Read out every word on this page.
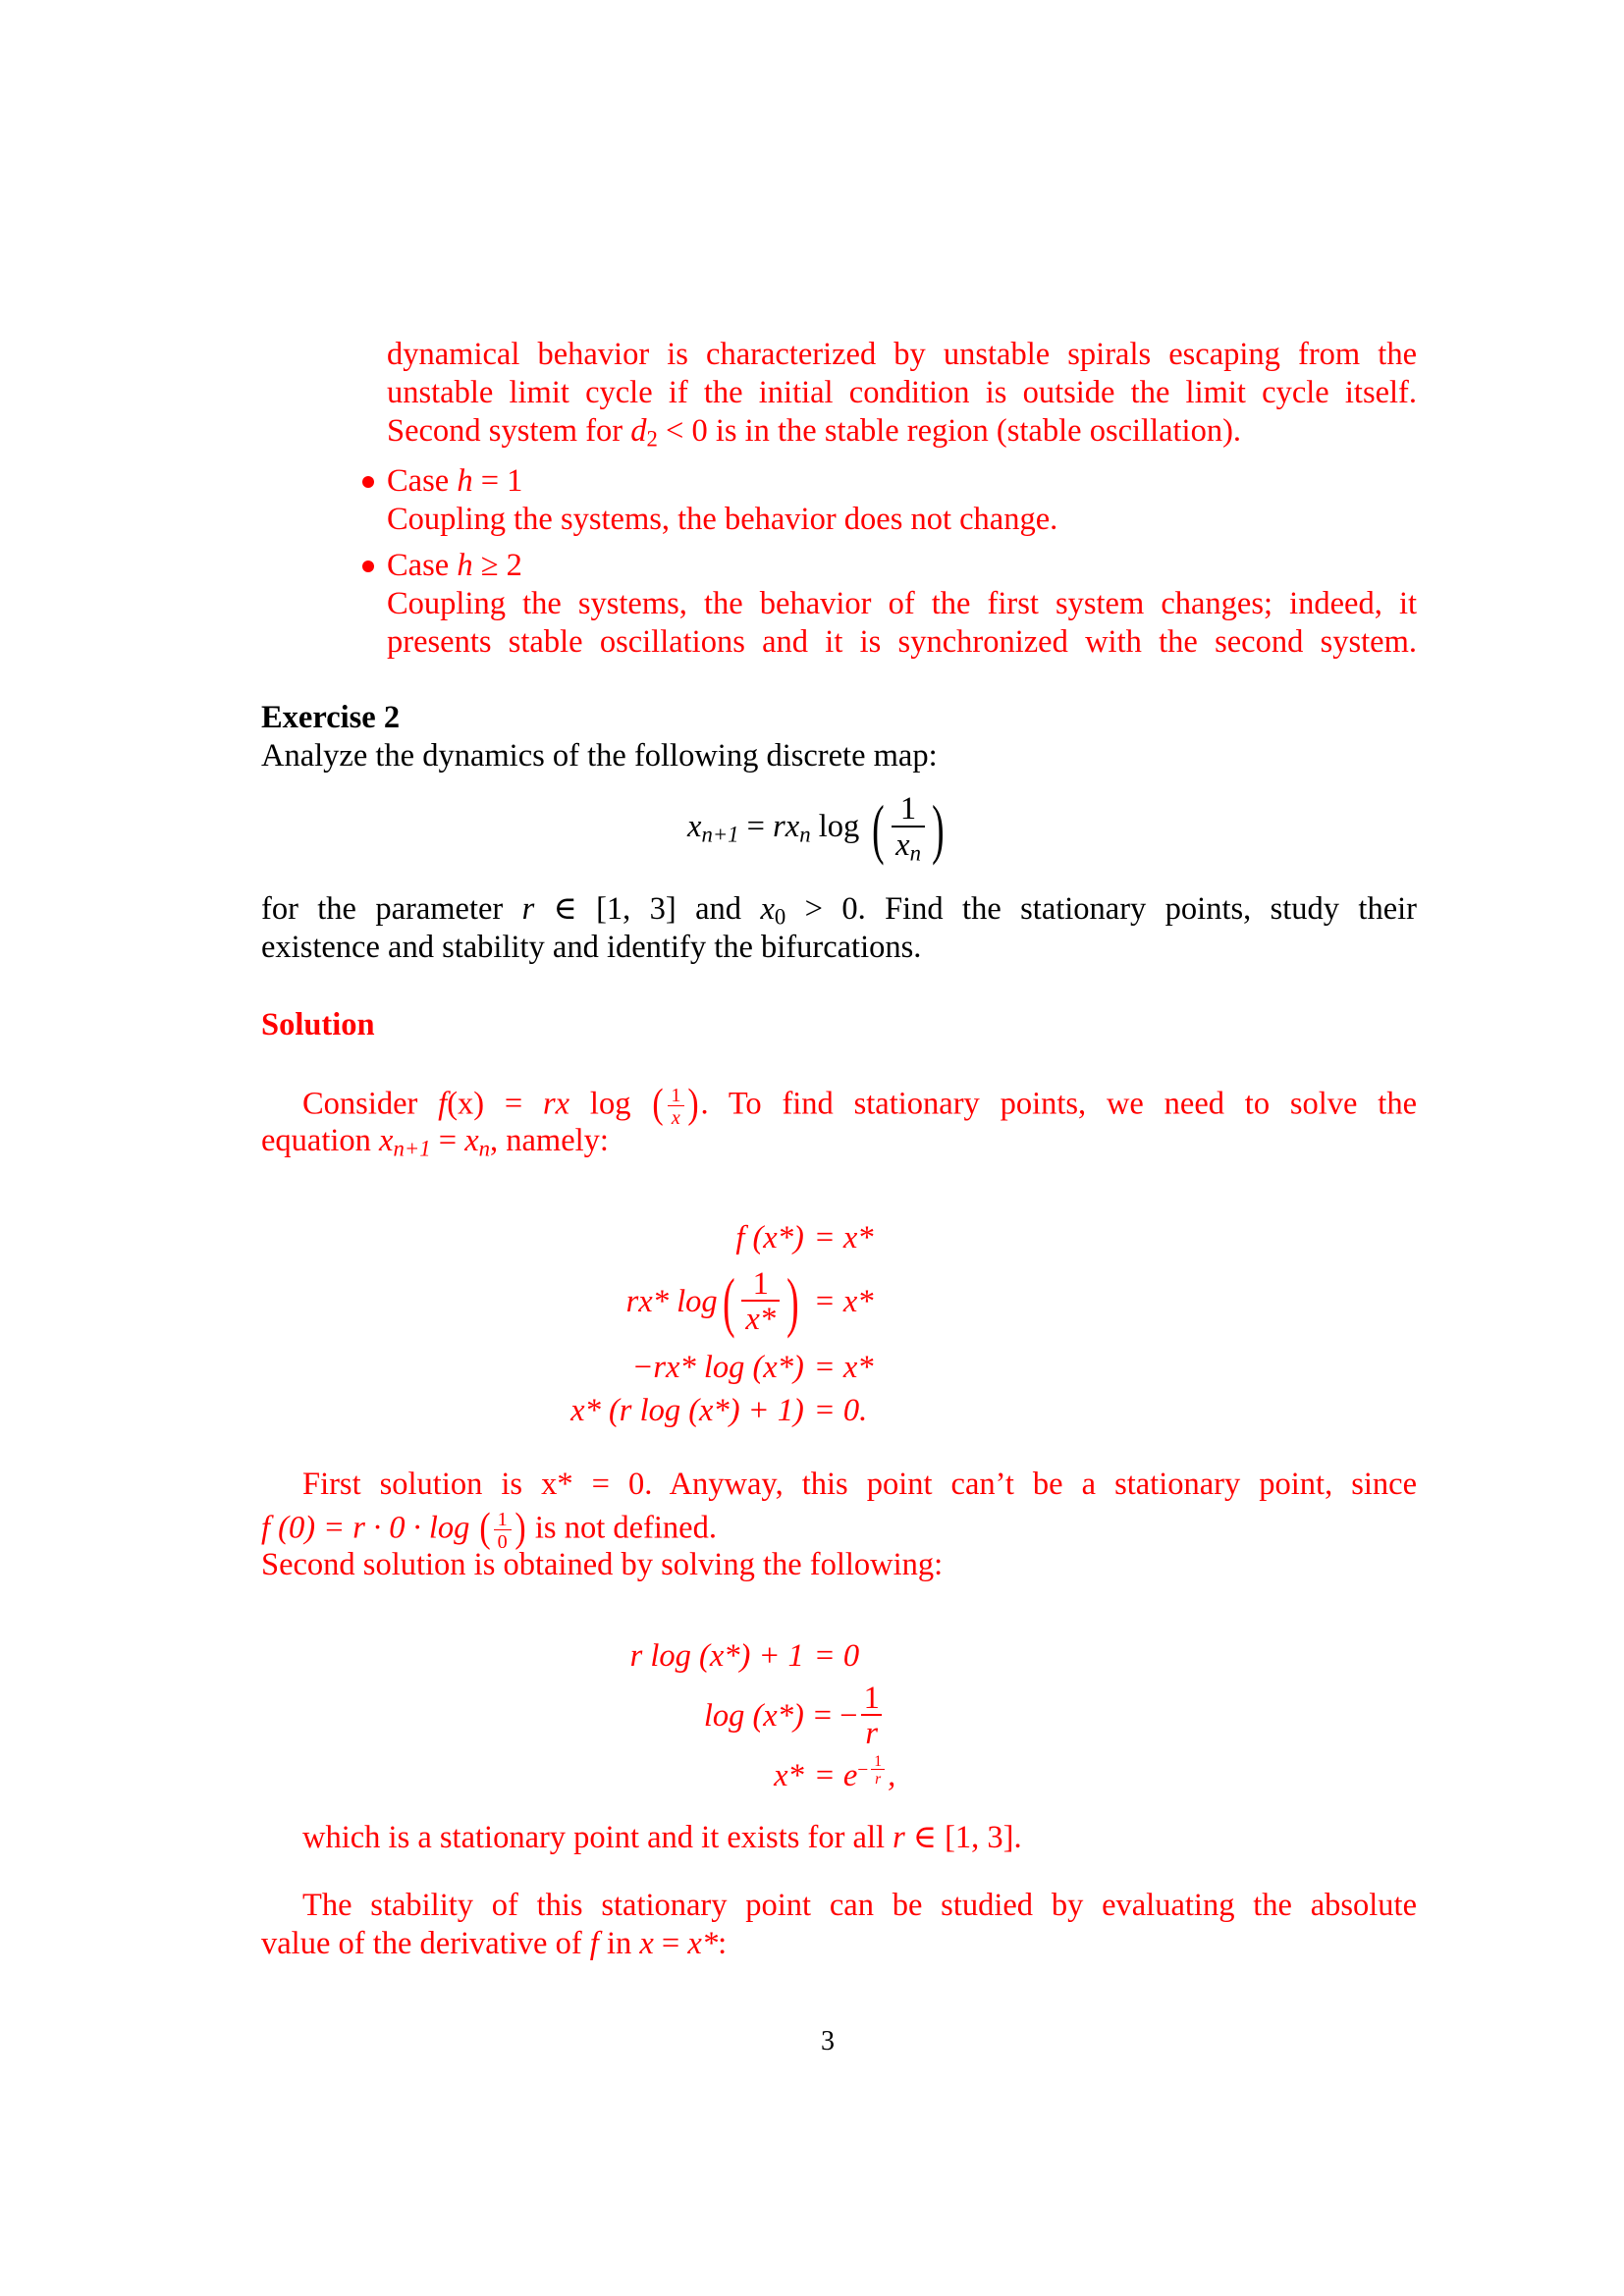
dynamical behavior is characterized by unstable spirals escaping from the
unstable limit cycle if the initial condition is outside the limit cycle itself.
Second system for d2 < 0 is in the stable region (stable oscillation).
Case h = 1
Coupling the systems, the behavior does not change.
Case h ≥ 2
Coupling the systems, the behavior of the first system changes; indeed, it
presents stable oscillations and it is synchronized with the second system.
Exercise 2
Analyze the dynamics of the following discrete map:
$xn+1 = rx_n$ log ( $\frac{1}{x_n}$ )
for the parameter r ∈ [1, 3] and x0 > 0. Find the stationary points, study their
existence and stability and identify the bifurcations.
Solution
Consider f(x) = rx log ( $\frac{1}{x}$ ). To find stationary points, we need to solve the
equation $xn+1 = x_n$, namely:
f (x*) = x*
rx* log ( $\frac{1}{x*}$ ) = x*
−rx* log (x*) = x*
x* (r log (x*) + 1) = 0.
First solution is x* = 0. Anyway, this point can’t be a stationary point, since
f (0) = r · 0 · log ( $\frac{1}{0}$ ) is not defined.
Second solution is obtained by solving the following:
r log (x*) + 1 = 0
log (x*) = − $\frac{1}{r}$
$x* = e - \frac{1}{r}$ ,
which is a stationary point and it exists for all r ∈ [1, 3].
The stability of this stationary point can be studied by evaluating the absolute
value of the derivative of f in x = x*:
3
